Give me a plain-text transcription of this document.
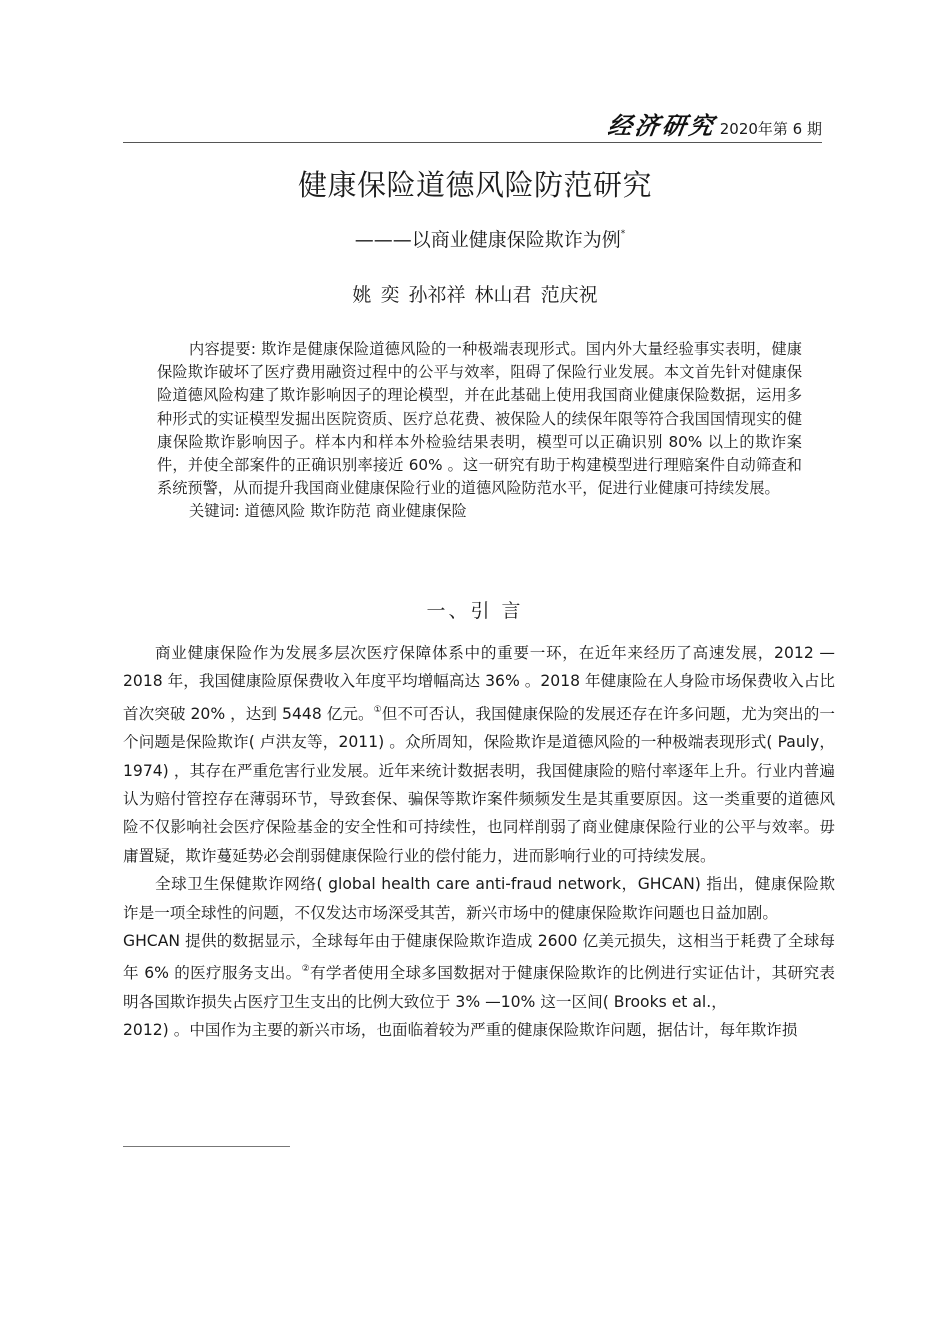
经济研究 2020年第 6 期
健康保险道德风险防范研究
———以商业健康保险欺诈为例*
姚 奕 孙祁祥 林山君 范庆祝

内容提要: 欺诈是健康保险道德风险的一种极端表现形式。国内外大量经验事实表明，健康保险欺诈破坏了医疗费用融资过程中的公平与效率，阻碍了保险行业发展。本文首先针对健康保险道德风险构建了欺诈影响因子的理论模型，并在此基础上使用我国商业健康保险数据，运用多种形式的实证模型发掘出医院资质、医疗总花费、被保险人的续保年限等符合我国国情现实的健康保险欺诈影响因子。样本内和样本外检验结果表明，模型可以正确识别 80% 以上的欺诈案件，并使全部案件的正确识别率接近 60% 。这一研究有助于构建模型进行理赔案件自动筛查和系统预警，从而提升我国商业健康保险行业的道德风险防范水平，促进行业健康可持续发展。

关键词: 道德风险 欺诈防范 商业健康保险

一、引 言

商业健康保险作为发展多层次医疗保障体系中的重要一环，在近年来经历了高速发展，2012 — 2018 年，我国健康险原保费收入年度平均增幅高达 36% 。2018 年健康险在人身险市场保费收入占比首次突破 20% ，达到 5448 亿元。①但不可否认，我国健康保险的发展还存在许多问题，尤为突出的一个问题是保险欺诈( 卢洪友等，2011) 。众所周知，保险欺诈是道德风险的一种极端表现形式( Pauly，1974) ，其存在严重危害行业发展。近年来统计数据表明，我国健康险的赔付率逐年上升。行业内普遍认为赔付管控存在薄弱环节，导致套保、骗保等欺诈案件频频发生是其重要原因。这一类重要的道德风险不仅影响社会医疗保险基金的安全性和可持续性，也同样削弱了商业健康保险行业的公平与效率。毋庸置疑，欺诈蔓延势必会削弱健康保险行业的偿付能力，进而影响行业的可持续发展。

全球卫生保健欺诈网络( global health care anti-fraud network，GHCAN) 指出，健康保险欺诈是一项全球性的问题，不仅发达市场深受其苦，新兴市场中的健康保险欺诈问题也日益加剧。

GHCAN 提供的数据显示，全球每年由于健康保险欺诈造成 2600 亿美元损失，这相当于耗费了全球每年 6% 的医疗服务支出。②有学者使用全球多国数据对于健康保险欺诈的比例进行实证估计，其研究表明各国欺诈损失占医疗卫生支出的比例大致位于 3% —10% 这一区间( Brooks et al.，

2012) 。中国作为主要的新兴市场，也面临着较为严重的健康保险欺诈问题，据估计，每年欺诈损
